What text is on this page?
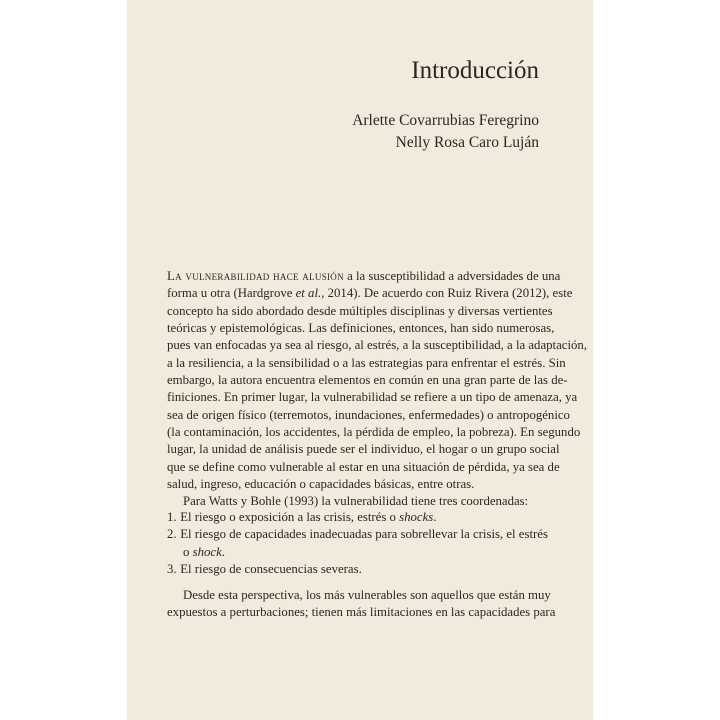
Introducción
Arlette Covarrubias Feregrino
Nelly Rosa Caro Luján
La vulnerabilidad hace alusión a la susceptibilidad a adversidades de una
forma u otra (Hardgrove et al., 2014). De acuerdo con Ruiz Rivera (2012), este
concepto ha sido abordado desde múltiples disciplinas y diversas vertientes
teóricas y epistemológicas. Las definiciones, entonces, han sido numerosas,
pues van enfocadas ya sea al riesgo, al estrés, a la susceptibilidad, a la adaptación,
a la resiliencia, a la sensibilidad o a las estrategias para enfrentar el estrés. Sin
embargo, la autora encuentra elementos en común en una gran parte de las de-
finiciones. En primer lugar, la vulnerabilidad se refiere a un tipo de amenaza, ya
sea de origen físico (terremotos, inundaciones, enfermedades) o antropogénico
(la contaminación, los accidentes, la pérdida de empleo, la pobreza). En segundo
lugar, la unidad de análisis puede ser el individuo, el hogar o un grupo social
que se define como vulnerable al estar en una situación de pérdida, ya sea de
salud, ingreso, educación o capacidades básicas, entre otras.
Para Watts y Bohle (1993) la vulnerabilidad tiene tres coordenadas:
1. El riesgo o exposición a las crisis, estrés o shocks.
2. El riesgo de capacidades inadecuadas para sobrellevar la crisis, el estrés
o shock.
3. El riesgo de consecuencias severas.
Desde esta perspectiva, los más vulnerables son aquellos que están muy
expuestos a perturbaciones; tienen más limitaciones en las capacidades para
